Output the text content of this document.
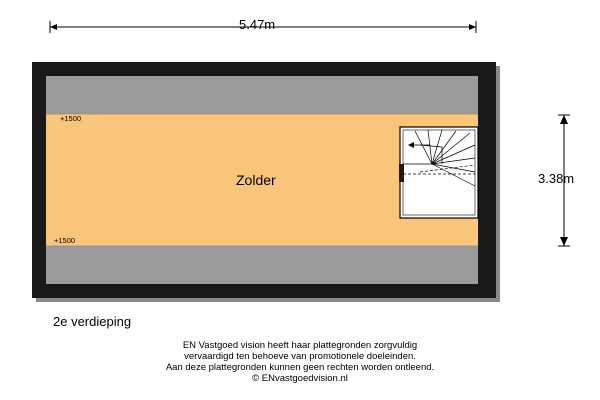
5.47m
3.38m
Zolder
+1500
+1500
2e verdieping
EN Vastgoed vision heeft haar plattegronden zorgvuldig
vervaardigd ten behoeve van promotionele doeleinden.
Aan deze plattegronden kunnen geen rechten worden ontleend.
© ENvastgoedvision.nl
